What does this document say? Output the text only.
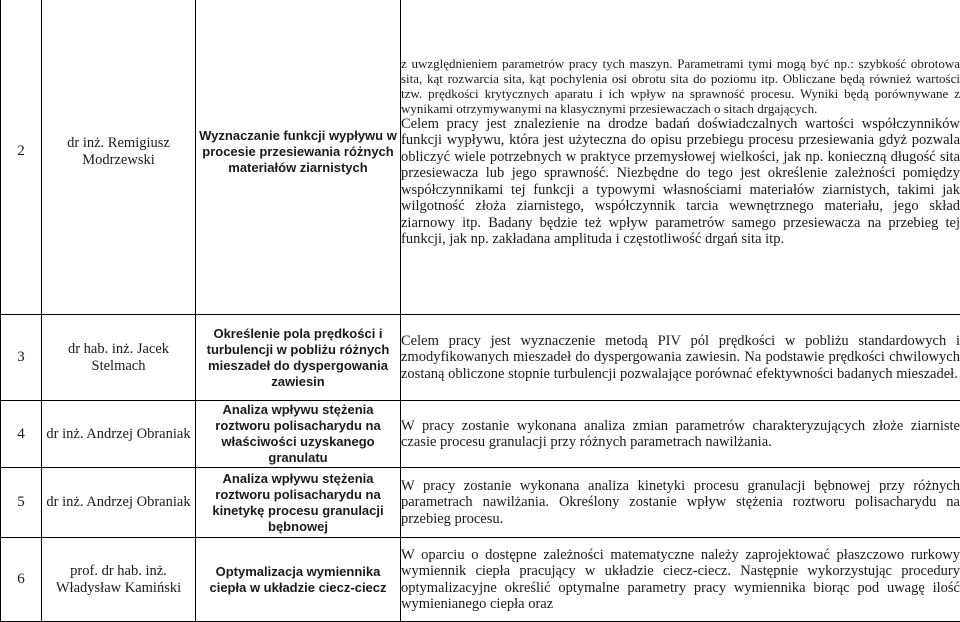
2	dr inż. Remigiusz Modrzewski	Wyznaczanie funkcji wypływu w procesie przesiewania różnych materiałów ziarnistych	z uwzględnieniem parametrów pracy tych maszyn. Parametrami tymi mogą być np.: szybkość obrotowa sita, kąt rozwarcia sita, kąt pochylenia osi obrotu sita do poziomu itp. Obliczane będą również wartości tzw. prędkości krytycznych aparatu i ich wpływ na sprawność procesu. Wyniki będą porównywane z wynikami otrzymywanymi na klasycznymi przesiewaczach o sitach drgających.

Celem pracy jest znalezienie na drodze badań doświadczalnych wartości współczynników funkcji wypływu, która jest użyteczna do opisu przebiegu procesu przesiewania gdyż pozwala obliczyć wiele potrzebnych w praktyce przemysłowej wielkości, jak np. konieczną długość sita przesiewacza lub jego sprawność. Niezbędne do tego jest określenie zależności pomiędzy współczynnikami tej funkcji a typowymi własnościami materiałów ziarnistych, takimi jak wilgotność złoża ziarnistego, współczynnik tarcia wewnętrznego materiału, jego skład ziarnowy itp. Badany będzie też wpływ parametrów samego przesiewacza na przebieg tej funkcji, jak np. zakładana amplituda i częstotliwość drgań sita itp.

3	dr hab. inż. Jacek Stelmach	Określenie pola prędkości i turbulencji w pobliżu różnych mieszadeł do dyspergowania zawiesin	Celem pracy jest wyznaczenie metodą PIV pól prędkości w pobliżu standardowych i zmodyfikowanych mieszadeł do dyspergowania zawiesin. Na podstawie prędkości chwilowych zostaną obliczone stopnie turbulencji pozwalające porównać efektywności badanych mieszadeł.

4	dr inż. Andrzej Obraniak	Analiza wpływu stężenia roztworu polisacharydu na właściwości uzyskanego granulatu	W pracy zostanie wykonana analiza zmian parametrów charakteryzujących złoże ziarniste czasie procesu granulacji przy różnych parametrach nawilżania.

5	dr inż. Andrzej Obraniak	Analiza wpływu stężenia roztworu polisacharydu na kinetykę procesu granulacji bębnowej	W pracy zostanie wykonana analiza kinetyki procesu granulacji bębnowej przy różnych parametrach nawilżania. Określony zostanie wpływ stężenia roztworu polisacharydu na przebieg procesu.

6	prof. dr hab. inż. Władysław Kamiński	Optymalizacja wymiennika ciepła w układzie ciecz-ciecz	W oparciu o dostępne zależności matematyczne należy zaprojektować płaszczowo rurkowy wymiennik ciepła pracujący w układzie ciecz-ciecz. Następnie wykorzystując procedury optymalizacyjne określić optymalne parametry pracy wymiennika biorąc pod uwagę ilość wymienianego ciepła oraz
